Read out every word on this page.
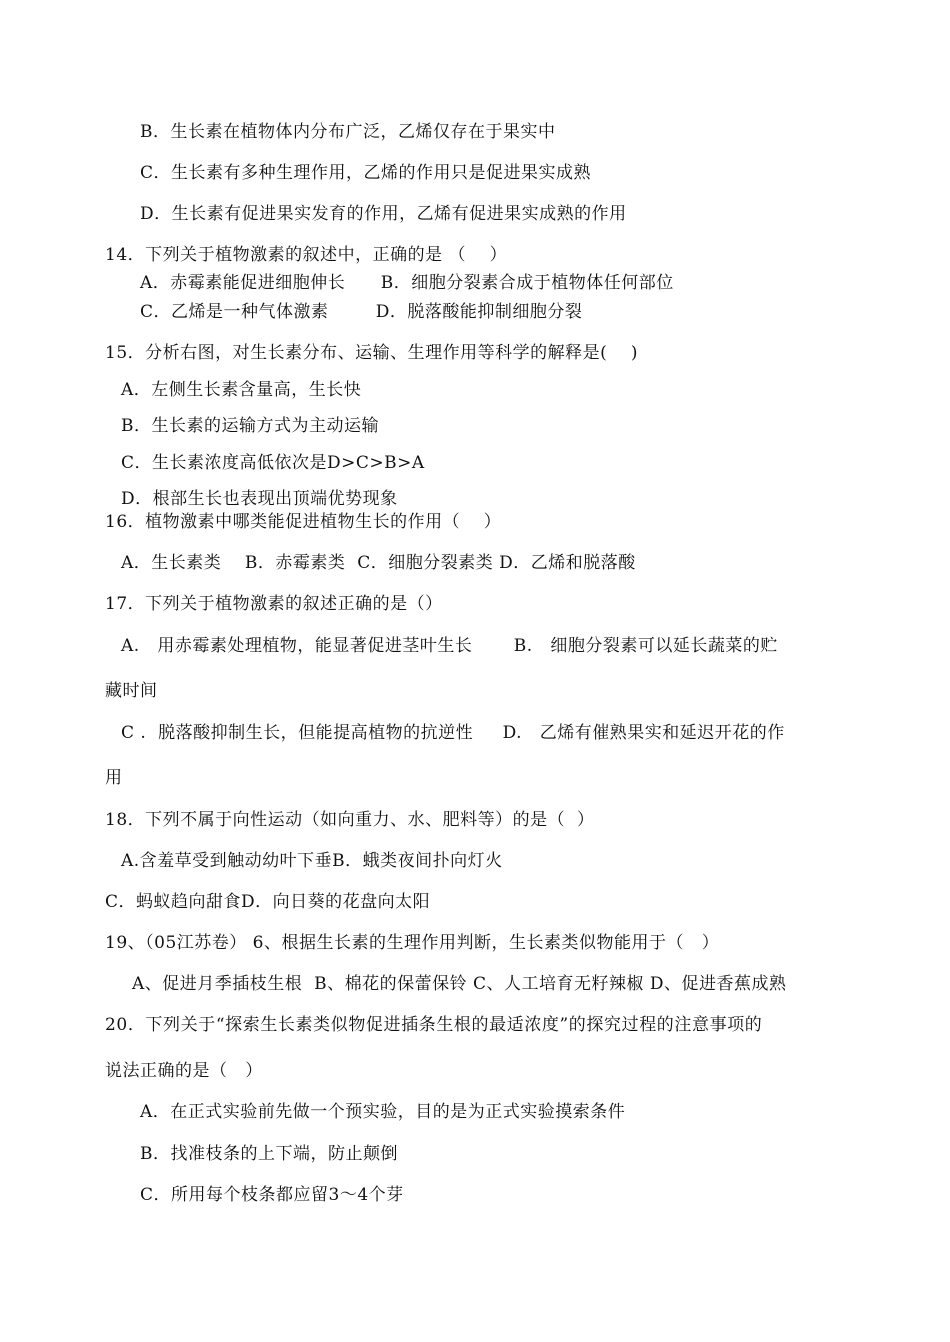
B．生长素在植物体内分布广泛，乙烯仅存在于果实中
C．生长素有多种生理作用，乙烯的作用只是促进果实成熟
D．生长素有促进果实发育的作用，乙烯有促进果实成熟的作用
14．下列关于植物激素的叙述中，正确的是 （    ）
A．赤霉素能促进细胞伸长      B．细胞分裂素合成于植物体任何部位
C．乙烯是一种气体激素        D．脱落酸能抑制细胞分裂
15．分析右图，对生长素分布、运输、生理作用等科学的解释是(    )
A．左侧生长素含量高，生长快
B．生长素的运输方式为主动运输
C．生长素浓度高低依次是D>C>B>A
D．根部生长也表现出顶端优势现象
16．植物激素中哪类能促进植物生长的作用（    ）
A．生长素类    B．赤霉素类  C．细胞分裂素类 D．乙烯和脱落酸
17．下列关于植物激素的叙述正确的是（）
A.   用赤霉素处理植物，能显著促进茎叶生长       B.   细胞分裂素可以延长蔬菜的贮
藏时间
C .  脱落酸抑制生长，但能提高植物的抗逆性     D.   乙烯有催熟果实和延迟开花的作
用
18．下列不属于向性运动（如向重力、水、肥料等）的是（  ）
A.含羞草受到触动幼叶下垂B．蛾类夜间扑向灯火
C．蚂蚁趋向甜食D．向日葵的花盘向太阳
19、（05江苏卷） 6、根据生长素的生理作用判断，生长素类似物能用于（   ）
A、促进月季插枝生根  B、棉花的保蕾保铃 C、人工培育无籽辣椒 D、促进香蕉成熟
20．下列关于“探索生长素类似物促进插条生根的最适浓度”的探究过程的注意事项的
说法正确的是（   ）
A．在正式实验前先做一个预实验，目的是为正式实验摸索条件
B．找准枝条的上下端，防止颠倒
C．所用每个枝条都应留3～4个芽
